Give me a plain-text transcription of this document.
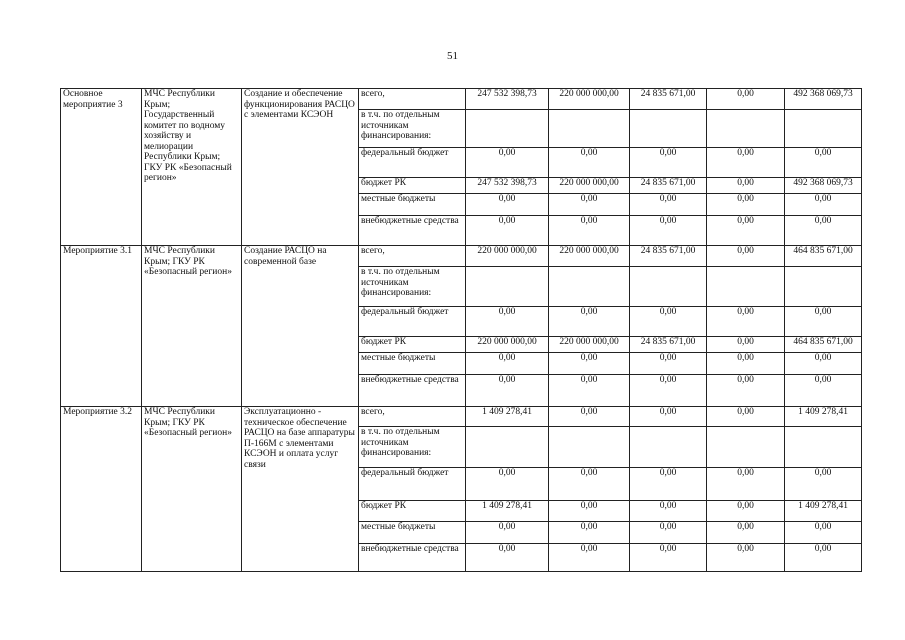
51
Основное мероприятие 3	МЧС Республики Крым; Государственный комитет по водному хозяйству и мелиорации Республики Крым; ГКУ РК «Безопасный регион»	Создание и обеспечение функционирования РАСЦО с элементами КСЭОН	всего,	247 532 398,73	220 000 000,00	24 835 671,00	0,00	492 368 069,73
			в т.ч. по отдельным источникам финансирования:					
			федеральный бюджет	0,00	0,00	0,00	0,00	0,00
			бюджет РК	247 532 398,73	220 000 000,00	24 835 671,00	0,00	492 368 069,73
			местные бюджеты	0,00	0,00	0,00	0,00	0,00
			внебюджетные средства	0,00	0,00	0,00	0,00	0,00
Мероприятие 3.1	МЧС Республики Крым; ГКУ РК «Безопасный регион»	Создание РАСЦО на современной базе	всего,	220 000 000,00	220 000 000,00	24 835 671,00	0,00	464 835 671,00
			в т.ч. по отдельным источникам финансирования:					
			федеральный бюджет	0,00	0,00	0,00	0,00	0,00
			бюджет РК	220 000 000,00	220 000 000,00	24 835 671,00	0,00	464 835 671,00
			местные бюджеты	0,00	0,00	0,00	0,00	0,00
			внебюджетные средства	0,00	0,00	0,00	0,00	0,00
Мероприятие 3.2	МЧС Республики Крым; ГКУ РК «Безопасный регион»	Эксплуатационно - техническое обеспечение РАСЦО на базе аппаратуры П-166М с элементами КСЭОН и оплата услуг связи	всего,	1 409 278,41	0,00	0,00	0,00	1 409 278,41
			в т.ч. по отдельным источникам финансирования:					
			федеральный бюджет	0,00	0,00	0,00	0,00	0,00
			бюджет РК	1 409 278,41	0,00	0,00	0,00	1 409 278,41
			местные бюджеты	0,00	0,00	0,00	0,00	0,00
			внебюджетные средства	0,00	0,00	0,00	0,00	0,00
